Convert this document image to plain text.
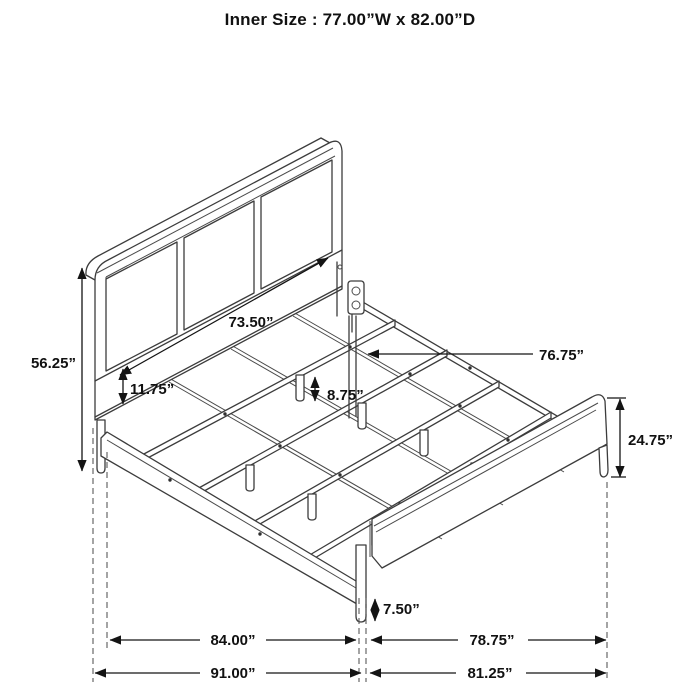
Inner Size : 77.00”W x 82.00”D
56.25”
11.75”
73.50”
76.75”
8.75”
24.75”
7.50”
84.00”	78.75”
91.00”	81.25”
